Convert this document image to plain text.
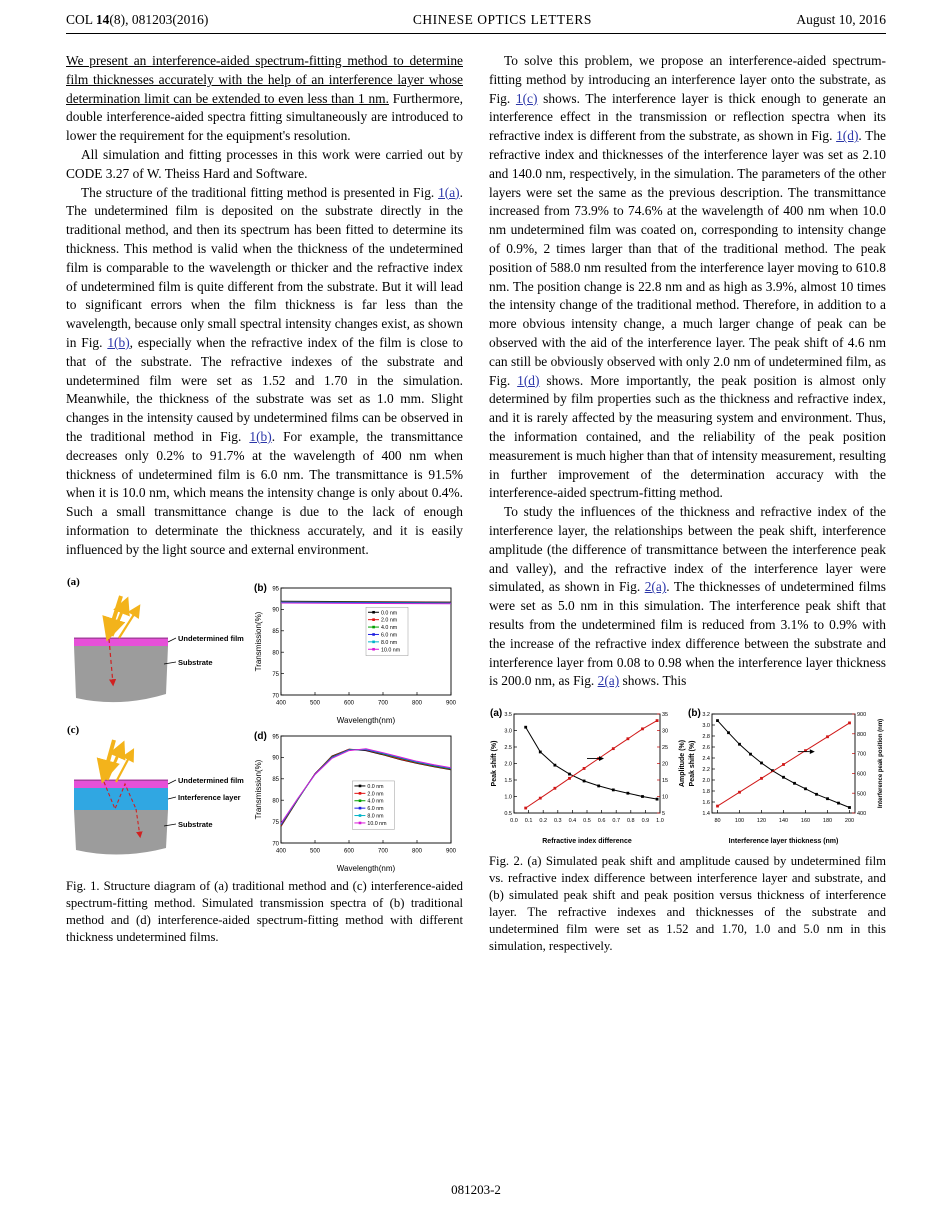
COL 14(8), 081203(2016)	CHINESE OPTICS LETTERS	August 10, 2016

We present an interference-aided spectrum-fitting method to determine film thicknesses accurately with the help of an interference layer whose determination limit can be extended to even less than 1 nm. Furthermore, double interference-aided spectra fitting simultaneously are introduced to lower the requirement for the equipment's resolution.

All simulation and fitting processes in this work were carried out by CODE 3.27 of W. Theiss Hard and Software.

The structure of the traditional fitting method is presented in Fig. 1(a). The undetermined film is deposited on the substrate directly in the traditional method, and then its spectrum has been fitted to determine its thickness. This method is valid when the thickness of the undetermined film is comparable to the wavelength or thicker and the refractive index of undetermined film is quite different from the substrate. But it will lead to significant errors when the film thickness is far less than the wavelength, because only small spectral intensity changes exist, as shown in Fig. 1(b), especially when the refractive index of the film is close to that of the substrate. The refractive indexes of the substrate and undetermined film were set as 1.52 and 1.70 in the simulation. Meanwhile, the thickness of the substrate was set as 1.0 mm. Slight changes in the intensity caused by undetermined films can be observed in the traditional method in Fig. 1(b). For example, the transmittance decreases only 0.2% to 91.7% at the wavelength of 400 nm when thickness of undetermined film is 6.0 nm. The transmittance is 91.5% when it is 10.0 nm, which means the intensity change is only about 0.4%. Such a small transmittance change is due to the lack of enough information to determinate the thickness accurately, and it is easily influenced by the light source and external environment.

(a)
Undetermined film
Substrate
400	500	600	700	800	900
70
75
80
85
90
95
Wavelength(nm)
Transmission(%)
(b)
0.0 nm
2.0 nm
4.0 nm
6.0 nm
8.0 nm
10.0 nm
(c)
Undetermined film
Interference layer
Substrate
400	500	600	700	800	900
70
75
80
85
90
95
Wavelength(nm)
Transmission(%)
(d)
0.0 nm
2.0 nm
4.0 nm
6.0 nm
8.0 nm
10.0 nm

Fig. 1. Structure diagram of (a) traditional method and (c) interference-aided spectrum-fitting method. Simulated transmission spectra of (b) traditional method and (d) interference-aided spectrum-fitting method with different thickness undetermined films.

To solve this problem, we propose an interference-aided spectrum-fitting method by introducing an interference layer onto the substrate, as Fig. 1(c) shows. The interference layer is thick enough to generate an interference effect in the transmission or reflection spectra when its refractive index is different from the substrate, as shown in Fig. 1(d). The refractive index and thicknesses of the interference layer was set as 2.10 and 140.0 nm, respectively, in the simulation. The parameters of the other layers were set the same as the previous description. The transmittance increased from 73.9% to 74.6% at the wavelength of 400 nm when 10.0 nm undetermined film was coated on, corresponding to intensity change of 0.9%, 2 times larger than that of the traditional method. The peak position of 588.0 nm resulted from the interference layer moving to 610.8 nm. The position change is 22.8 nm and as high as 3.9%, almost 10 times the intensity change of the traditional method. Therefore, in addition to a more obvious intensity change, a much larger change of peak can be observed with the aid of the interference layer. The peak shift of 4.6 nm can still be obviously observed with only 2.0 nm of undetermined film, as Fig. 1(d) shows. More importantly, the peak position is almost only determined by film properties such as the thickness and refractive index, and it is rarely affected by the measuring system and environment. Thus, the information contained, and the reliability of the peak position measurement is much higher than that of intensity measurement, resulting in further improvement of the determination accuracy with the interference-aided spectrum-fitting method.

To study the influences of the thickness and refractive index of the interference layer, the relationships between the peak shift, interference amplitude (the difference of transmittance between the interference peak and valley), and the refractive index of the interference layer were simulated, as shown in Fig. 2(a). The thicknesses of undetermined films were set as 5.0 nm in this simulation. The interference peak shift that results from the undetermined film is reduced from 3.1% to 0.9% with the increase of the refractive index difference between the substrate and interference layer from 0.08 to 0.98 when the interference layer thickness is 200.0 nm, as Fig. 2(a) shows. This

0.0 0.1 0.2 0.3 0.4 0.5 0.6 0.7 0.8 0.9 1.0
0.5
1.0
1.5
2.0
2.5
3.0
3.5
5
10
15
20
25
30
35
Refractive index difference
Peak shift (%)	Amplitude (%)
(a)
80	100 120 140 160 180 200
1.4
1.6
1.8
2.0
2.2
2.4
2.6
2.8
3.0
3.2
400
500
600
700
800
900
Interference layer thickness (nm)
Peak shift (%)	Interference peak position (nm)
(b)

Fig. 2. (a) Simulated peak shift and amplitude caused by undetermined film vs. refractive index difference between interference layer and substrate, and (b) simulated peak shift and peak position versus thickness of interference layer. The refractive indexes and thicknesses of the substrate and undetermined film were set as 1.52 and 1.70, 1.0 and 5.0 nm in this simulation, respectively.

081203-2
